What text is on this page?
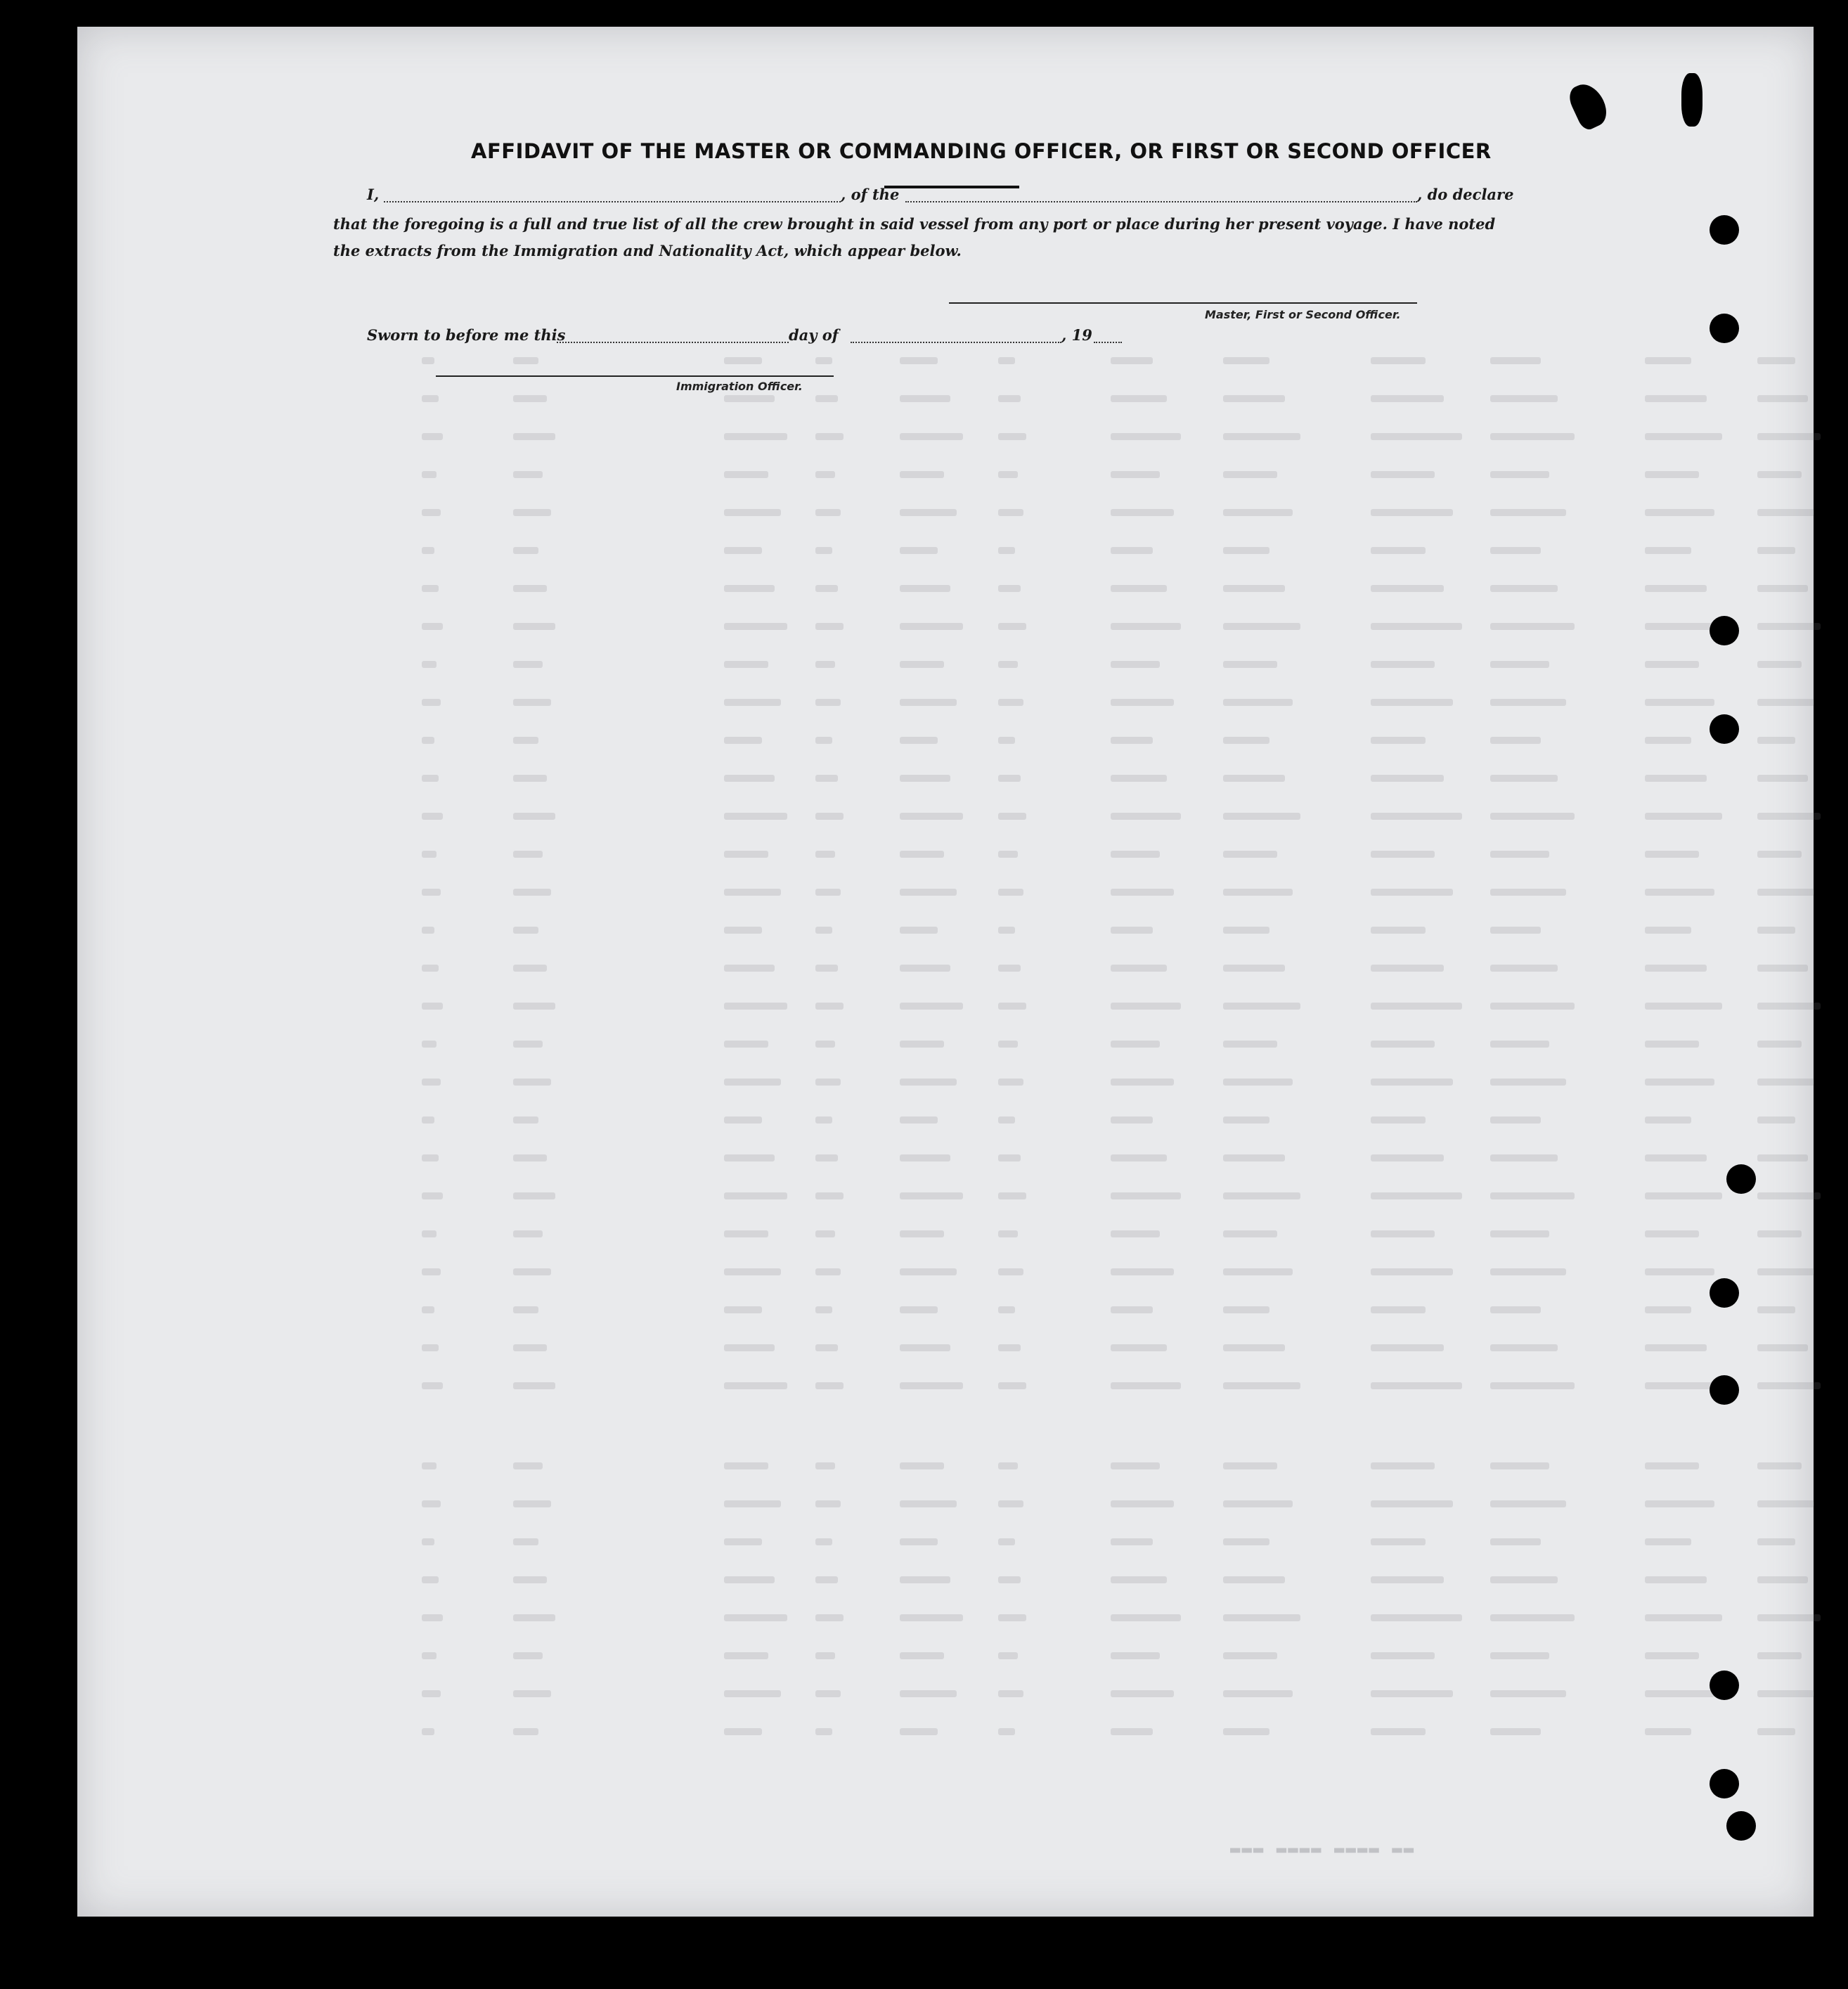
AFFIDAVIT OF THE MASTER OR COMMANDING OFFICER, OR FIRST OR SECOND OFFICER
I,	, of the	, do declare
that the foregoing is a full and true list of all the crew brought in said vessel from any port or place during her present voyage. I have noted
the extracts from the Immigration and Nationality Act, which appear below.
Master, First or Second Officer.
Sworn to before me this	day of	, 19
Immigration Officer.
▬▬▬ ▬▬▬▬ ▬▬▬▬ ▬▬
